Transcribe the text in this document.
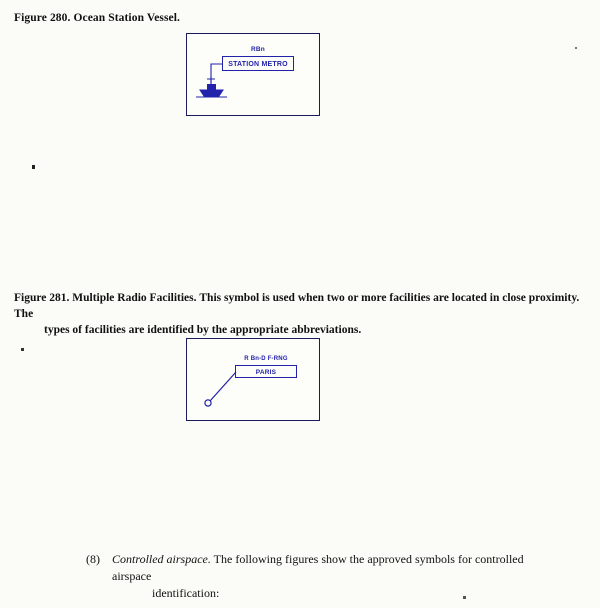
Figure 280. Ocean Station Vessel.
RBn
STATION METRO
Figure 281. Multiple Radio Facilities. This symbol is used when two or more facilities are located in close proximity. The
types of facilities are identified by the appropriate abbreviations.
R Bn-D F-RNG
PARIS
(8) Controlled airspace. The following figures show the approved symbols for controlled airspace
identification:
